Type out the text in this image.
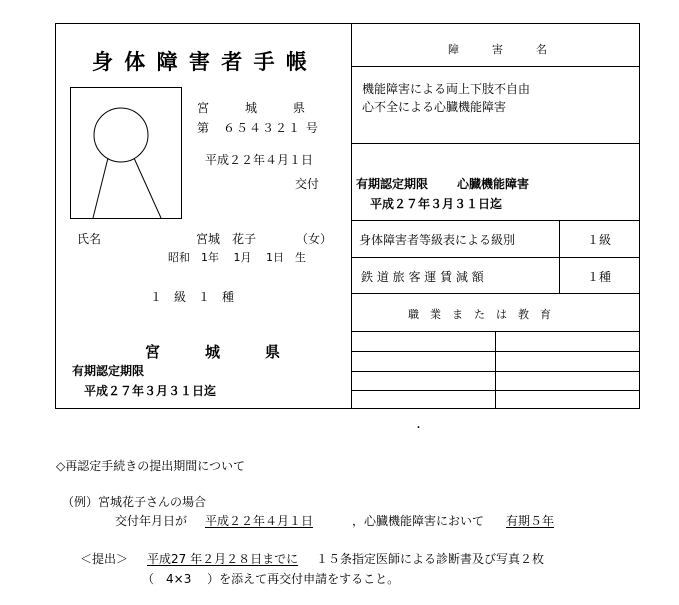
身 体 障 害 者 手 帳
宮　　　城　　　県
第　６５４３２１ 号
平成２２年４月１日
交付
氏名	宮城　花子	（女）
昭和　1年　 1月　 1日　生
１　級　１　種
宮　　　城　　　県
有期認定期限
平成２７年３月３１日迄
障　　　害　　　名
機能障害による両上下肢不自由
心不全による心臓機能障害
有期認定期限 心臓機能障害
平成２７年３月３１日迄
身体障害者等級表による級別	１級
鉄 道 旅 客 運 賃 減 額	１種
職　業　ま　た　は　教　育
･
◇再認定手続きの提出期間について
（例）宮城花子さんの場合
交付年月日が 平成２２年４月１日	，心臓機能障害において 有期５年
＜提出＞ 平成27 年２月２８日までに １５条指定医師による診断書及び写真２枚
（　4×3　 ）を添えて再交付申請をすること。
